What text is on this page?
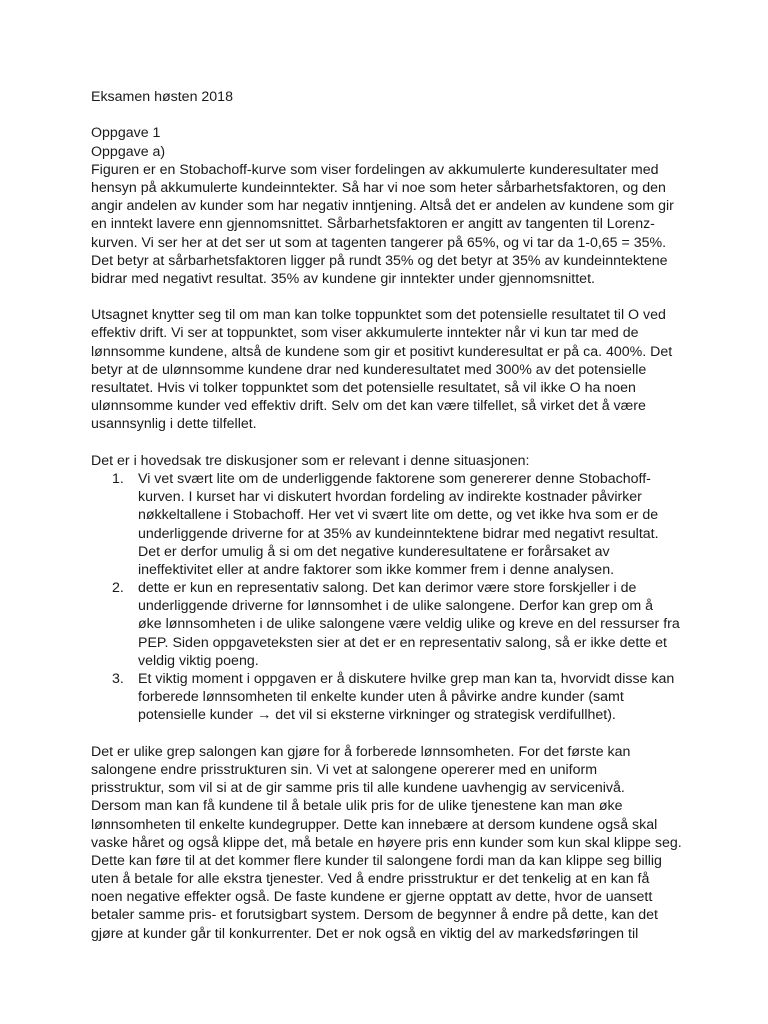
Eksamen høsten 2018
Oppgave 1
Oppgave a)
Figuren er en Stobachoff-kurve som viser fordelingen av akkumulerte kunderesultater med
hensyn på akkumulerte kundeinntekter. Så har vi noe som heter sårbarhetsfaktoren, og den
angir andelen av kunder som har negativ inntjening. Altså det er andelen av kundene som gir
en inntekt lavere enn gjennomsnittet. Sårbarhetsfaktoren er angitt av tangenten til Lorenz-
kurven. Vi ser her at det ser ut som at tagenten tangerer på 65%, og vi tar da 1-0,65 = 35%.
Det betyr at sårbarhetsfaktoren ligger på rundt 35% og det betyr at 35% av kundeinntektene
bidrar med negativt resultat. 35% av kundene gir inntekter under gjennomsnittet.
Utsagnet knytter seg til om man kan tolke toppunktet som det potensielle resultatet til O ved
effektiv drift. Vi ser at toppunktet, som viser akkumulerte inntekter når vi kun tar med de
lønnsomme kundene, altså de kundene som gir et positivt kunderesultat er på ca. 400%. Det
betyr at de ulønnsomme kundene drar ned kunderesultatet med 300% av det potensielle
resultatet. Hvis vi tolker toppunktet som det potensielle resultatet, så vil ikke O ha noen
ulønnsomme kunder ved effektiv drift. Selv om det kan være tilfellet, så virket det å være
usannsynlig i dette tilfellet.
Det er i hovedsak tre diskusjoner som er relevant i denne situasjonen:
1. Vi vet svært lite om de underliggende faktorene som genererer denne Stobachoff-
kurven. I kurset har vi diskutert hvordan fordeling av indirekte kostnader påvirker
nøkkeltallene i Stobachoff. Her vet vi svært lite om dette, og vet ikke hva som er de
underliggende driverne for at 35% av kundeinntektene bidrar med negativt resultat.
Det er derfor umulig å si om det negative kunderesultatene er forårsaket av
ineffektivitet eller at andre faktorer som ikke kommer frem i denne analysen.
2. dette er kun en representativ salong. Det kan derimor være store forskjeller i de
underliggende driverne for lønnsomhet i de ulike salongene. Derfor kan grep om å
øke lønnsomheten i de ulike salongene være veldig ulike og kreve en del ressurser fra
PEP. Siden oppgaveteksten sier at det er en representativ salong, så er ikke dette et
veldig viktig poeng.
3. Et viktig moment i oppgaven er å diskutere hvilke grep man kan ta, hvorvidt disse kan
forberede lønnsomheten til enkelte kunder uten å påvirke andre kunder (samt
potensielle kunder → det vil si eksterne virkninger og strategisk verdifullhet).
Det er ulike grep salongen kan gjøre for å forberede lønnsomheten. For det første kan
salongene endre prisstrukturen sin. Vi vet at salongene opererer med en uniform
prisstruktur, som vil si at de gir samme pris til alle kundene uavhengig av servicenivå.
Dersom man kan få kundene til å betale ulik pris for de ulike tjenestene kan man øke
lønnsomheten til enkelte kundegrupper. Dette kan innebære at dersom kundene også skal
vaske håret og også klippe det, må betale en høyere pris enn kunder som kun skal klippe seg.
Dette kan føre til at det kommer flere kunder til salongene fordi man da kan klippe seg billig
uten å betale for alle ekstra tjenester. Ved å endre prisstruktur er det tenkelig at en kan få
noen negative effekter også. De faste kundene er gjerne opptatt av dette, hvor de uansett
betaler samme pris- et forutsigbart system. Dersom de begynner å endre på dette, kan det
gjøre at kunder går til konkurrenter. Det er nok også en viktig del av markedsføringen til
